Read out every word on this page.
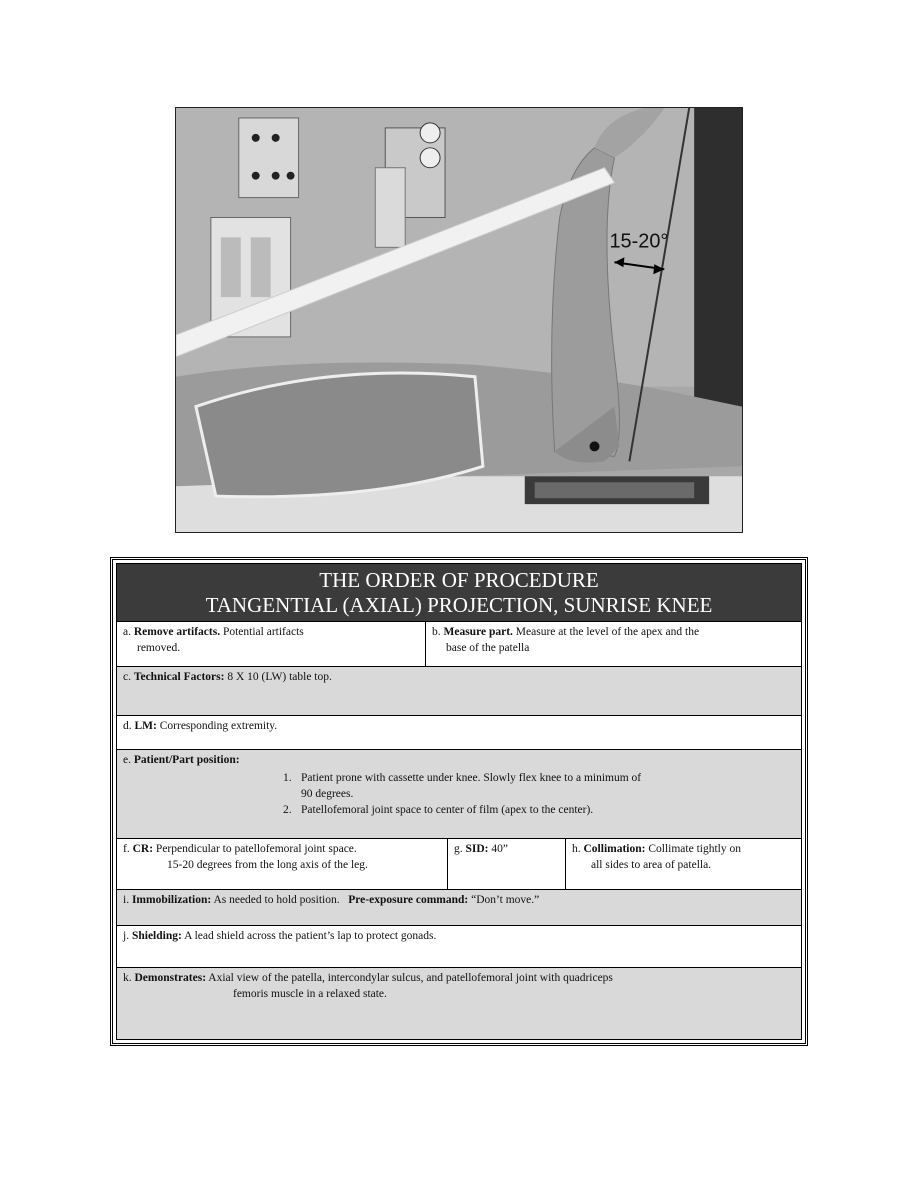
15-20°
THE ORDER OF PROCEDURE
TANGENTIAL (AXIAL) PROJECTION, SUNRISE KNEE
a. Remove artifacts. Potential artifacts
removed.
b. Measure part. Measure at the level of the apex and the
base of the patella
c. Technical Factors: 8 X 10 (LW) table top.
d. LM: Corresponding extremity.
e. Patient/Part position:
1. Patient prone with cassette under knee. Slowly flex knee to a minimum of
90 degrees.
2. Patellofemoral joint space to center of film (apex to the center).
f. CR: Perpendicular to patellofemoral joint space.
15-20 degrees from the long axis of the leg.
g. SID: 40”	h. Collimation: Collimate tightly on
all sides to area of patella.
i. Immobilization: As needed to hold position. Pre-exposure command: “Don’t move.”
j. Shielding: A lead shield across the patient’s lap to protect gonads.
k. Demonstrates: Axial view of the patella, intercondylar sulcus, and patellofemoral joint with quadriceps
femoris muscle in a relaxed state.
